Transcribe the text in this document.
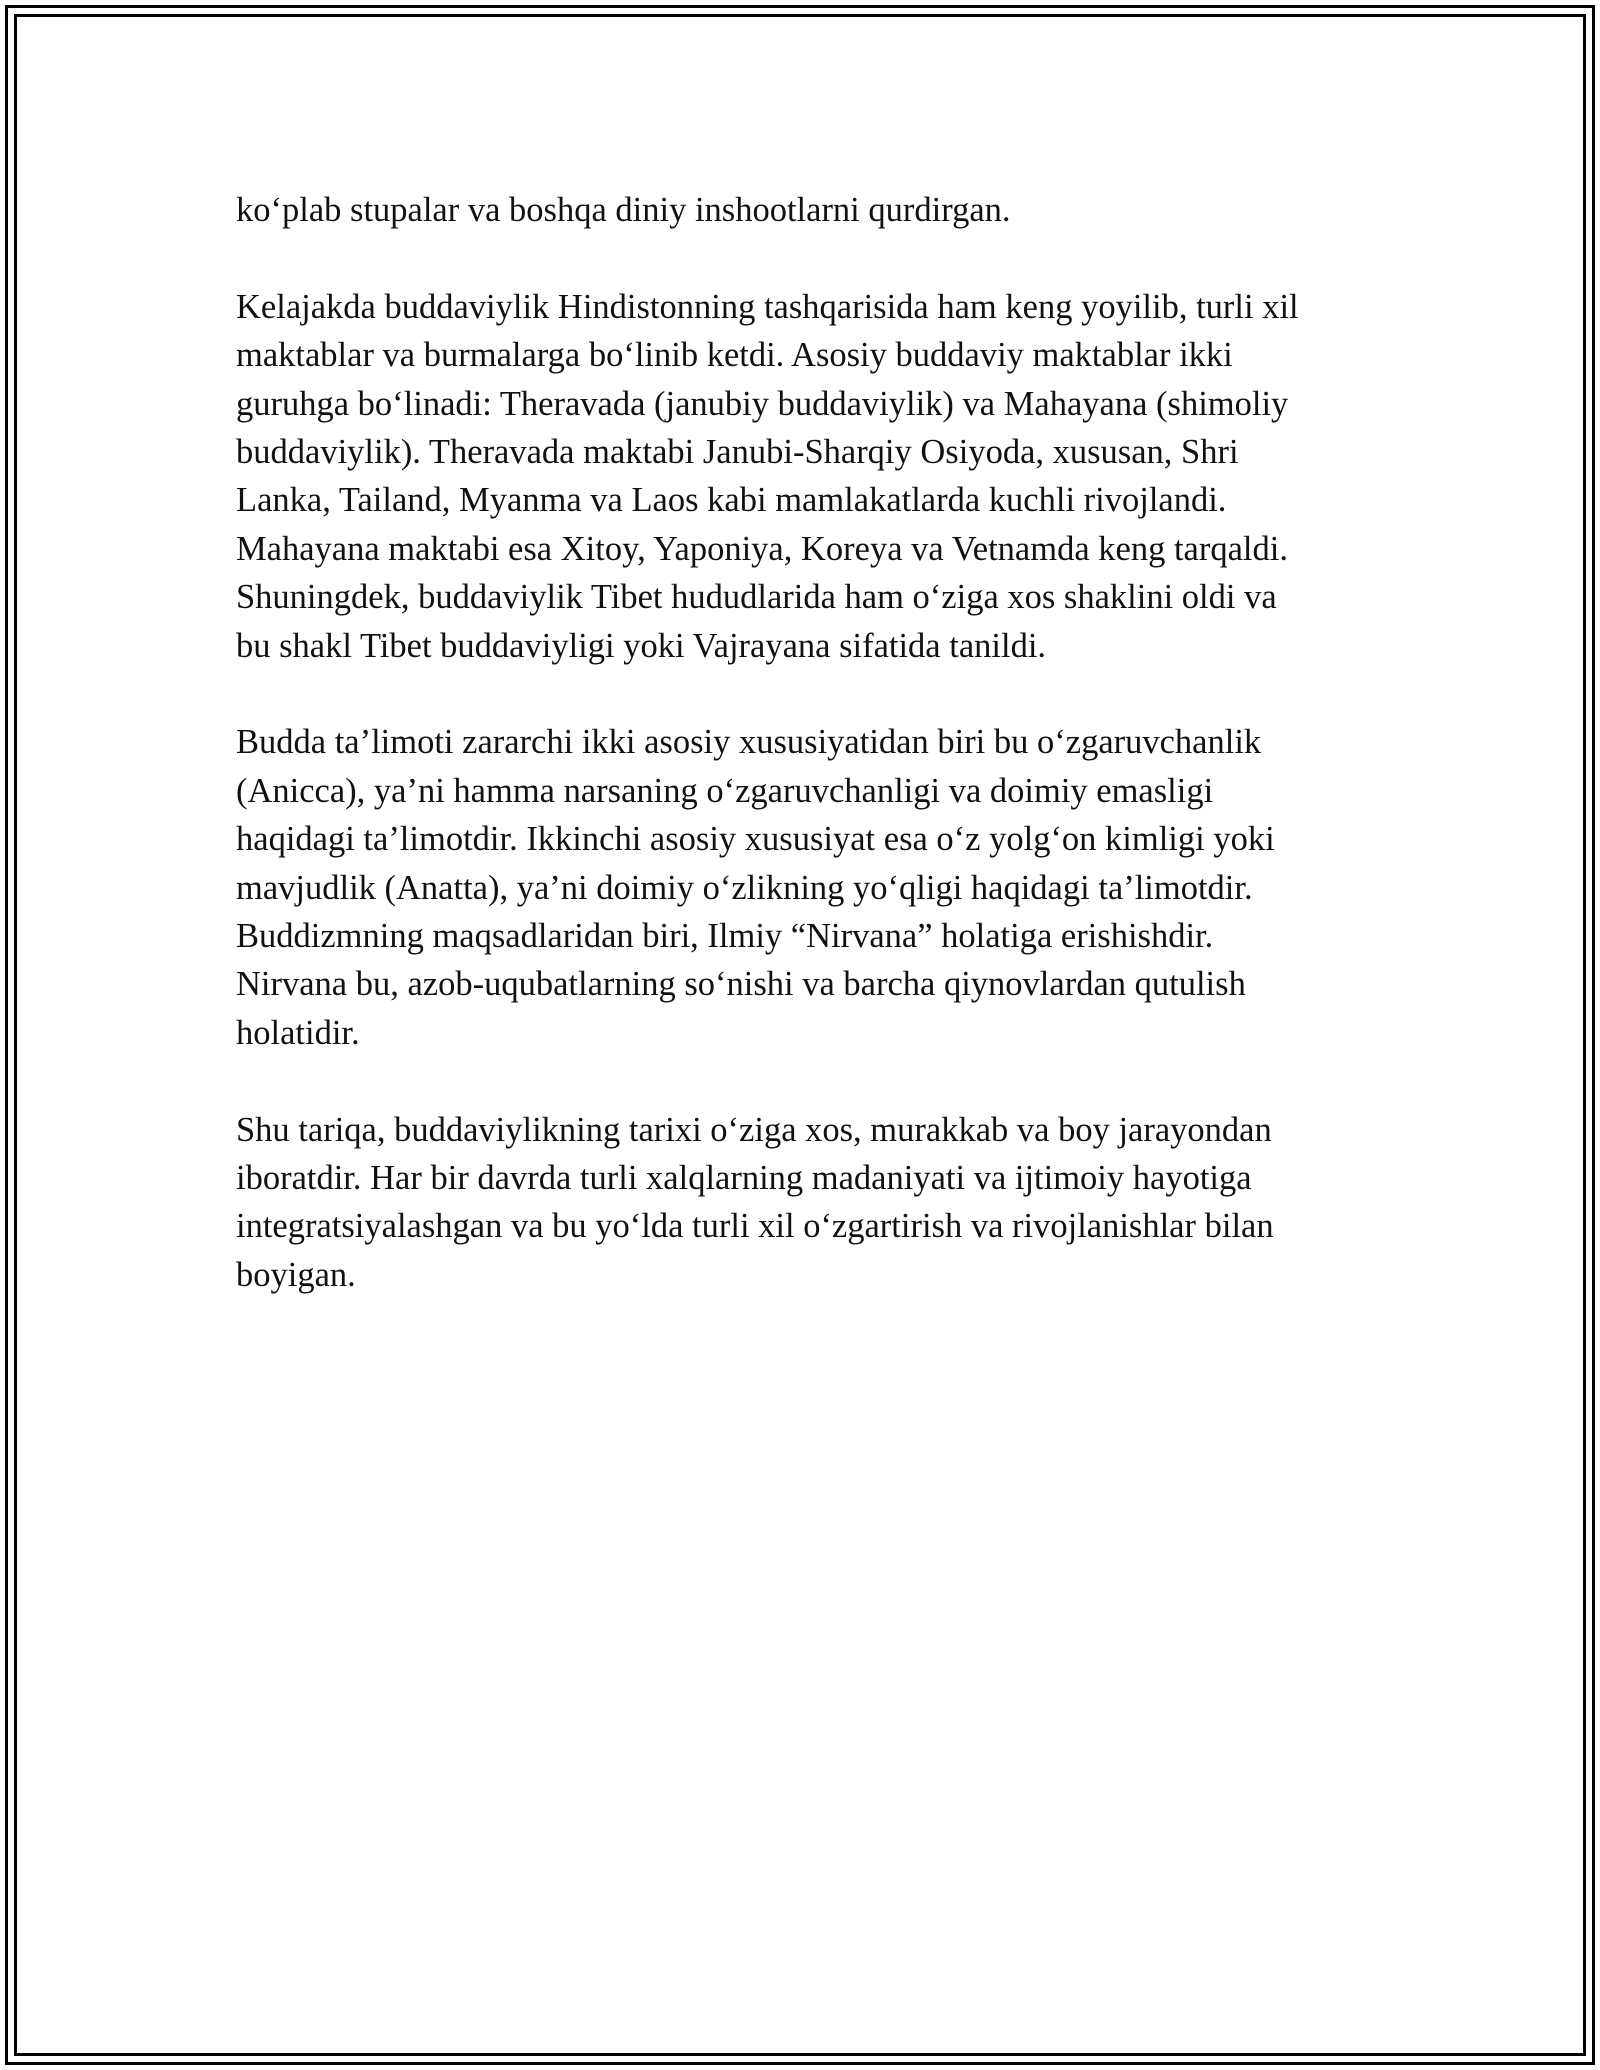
ko‘plab stupalar va boshqa diniy inshootlarni qurdirgan.

Kelajakda buddaviylik Hindistonning tashqarisida ham keng yoyilib, turli xil
maktablar va burmalarga bo‘linib ketdi. Asosiy buddaviy maktablar ikki
guruhga bo‘linadi: Theravada (janubiy buddaviylik) va Mahayana (shimoliy
buddaviylik). Theravada maktabi Janubi-Sharqiy Osiyoda, xususan, Shri
Lanka, Tailand, Myanma va Laos kabi mamlakatlarda kuchli rivojlandi.
Mahayana maktabi esa Xitoy, Yaponiya, Koreya va Vetnamda keng tarqaldi.
Shuningdek, buddaviylik Tibet hududlarida ham o‘ziga xos shaklini oldi va
bu shakl Tibet buddaviyligi yoki Vajrayana sifatida tanildi.

Budda ta’limoti zararchi ikki asosiy xususiyatidan biri bu o‘zgaruvchanlik
(Anicca), ya’ni hamma narsaning o‘zgaruvchanligi va doimiy emasligi
haqidagi ta’limotdir. Ikkinchi asosiy xususiyat esa o‘z yolg‘on kimligi yoki
mavjudlik (Anatta), ya’ni doimiy o‘zlikning yo‘qligi haqidagi ta’limotdir.
Buddizmning maqsadlaridan biri, Ilmiy “Nirvana” holatiga erishishdir.
Nirvana bu, azob-uqubatlarning so‘nishi va barcha qiynovlardan qutulish
holatidir.

Shu tariqa, buddaviylikning tarixi o‘ziga xos, murakkab va boy jarayondan
iboratdir. Har bir davrda turli xalqlarning madaniyati va ijtimoiy hayotiga
integratsiyalashgan va bu yo‘lda turli xil o‘zgartirish va rivojlanishlar bilan
boyigan.
